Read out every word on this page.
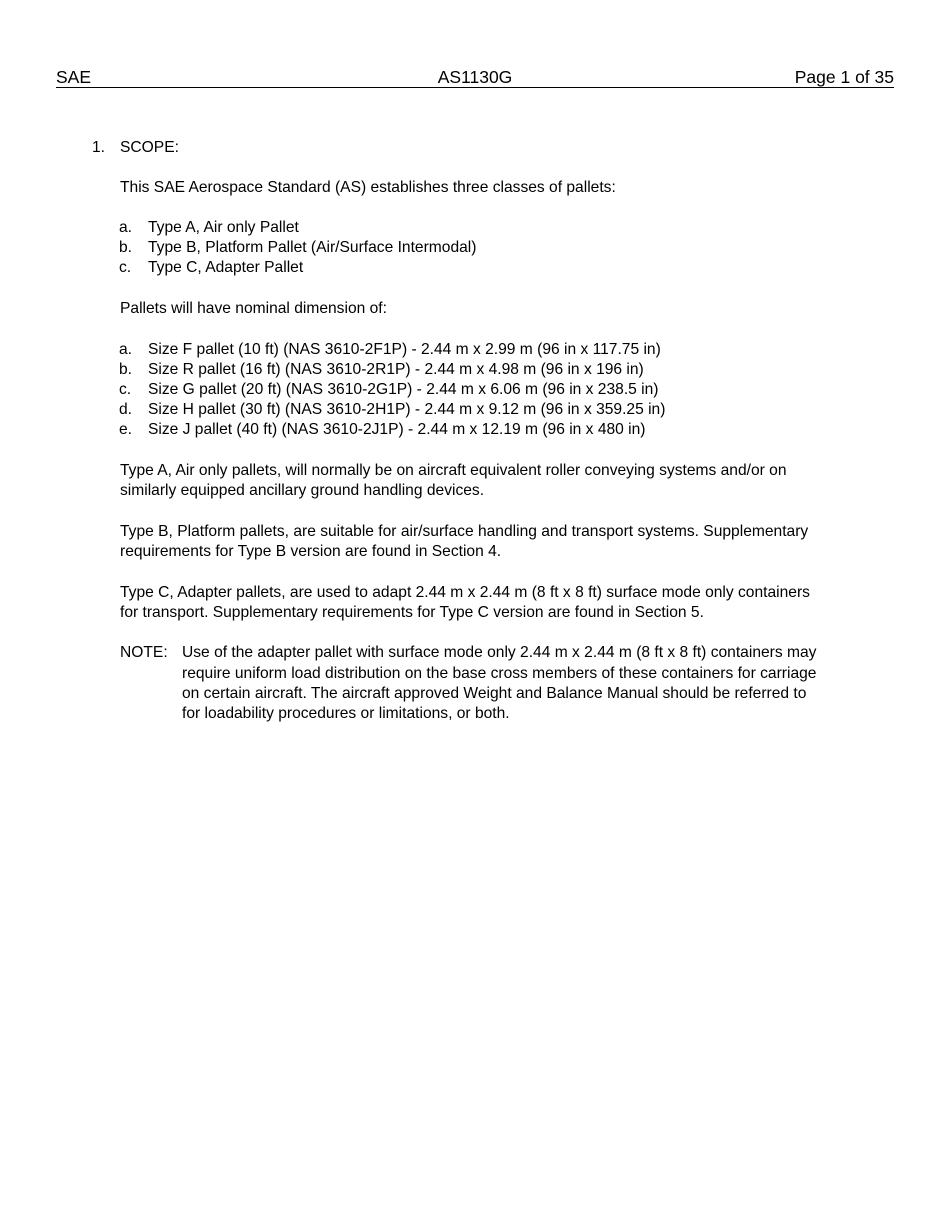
SAE	AS1130G	Page 1 of 35
1. SCOPE:
This SAE Aerospace Standard (AS) establishes three classes of pallets:
a. Type A, Air only Pallet
b. Type B, Platform Pallet (Air/Surface Intermodal)
c. Type C, Adapter Pallet
Pallets will have nominal dimension of:
a. Size F pallet (10 ft) (NAS 3610-2F1P) - 2.44 m x 2.99 m (96 in x 117.75 in)
b. Size R pallet (16 ft) (NAS 3610-2R1P) - 2.44 m x 4.98 m (96 in x 196 in)
c. Size G pallet (20 ft) (NAS 3610-2G1P) - 2.44 m x 6.06 m (96 in x 238.5 in)
d. Size H pallet (30 ft) (NAS 3610-2H1P) - 2.44 m x 9.12 m (96 in x 359.25 in)
e. Size J pallet (40 ft) (NAS 3610-2J1P) - 2.44 m x 12.19 m (96 in x 480 in)
Type A, Air only pallets, will normally be on aircraft equivalent roller conveying systems and/or on
similarly equipped ancillary ground handling devices.
Type B, Platform pallets, are suitable for air/surface handling and transport systems. Supplementary
requirements for Type B version are found in Section 4.
Type C, Adapter pallets, are used to adapt 2.44 m x 2.44 m (8 ft x 8 ft) surface mode only containers
for transport. Supplementary requirements for Type C version are found in Section 5.
NOTE: Use of the adapter pallet with surface mode only 2.44 m x 2.44 m (8 ft x 8 ft) containers may
require uniform load distribution on the base cross members of these containers for carriage
on certain aircraft. The aircraft approved Weight and Balance Manual should be referred to
for loadability procedures or limitations, or both.
